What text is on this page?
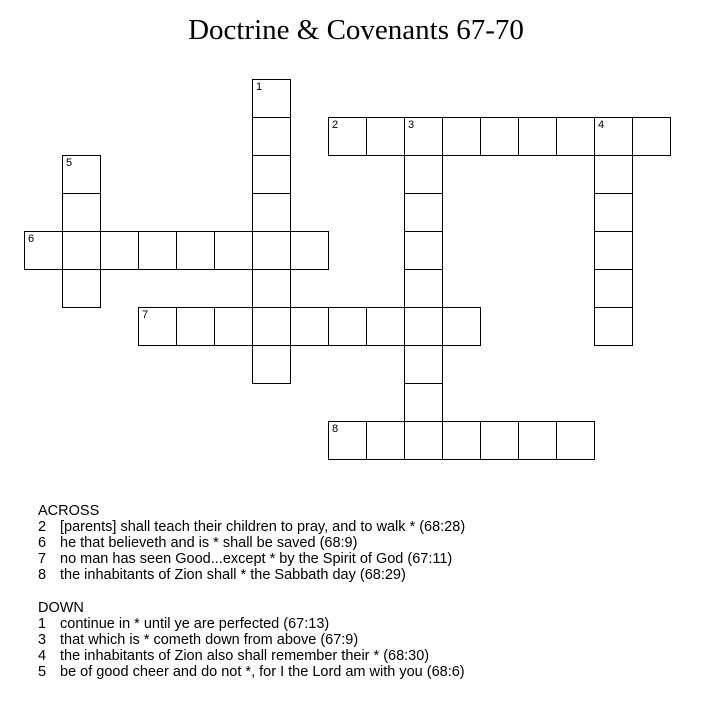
Doctrine & Covenants 67-70
1
2	3	4
5
6
7
8
ACROSS
2 [parents] shall teach their children to pray, and to walk * (68:28)
6 he that believeth and is * shall be saved (68:9)
7 no man has seen Good...except * by the Spirit of God (67:11)
8 the inhabitants of Zion shall * the Sabbath day (68:29)
DOWN
1 continue in * until ye are perfected (67:13)
3 that which is * cometh down from above (67:9)
4 the inhabitants of Zion also shall remember their * (68:30)
5 be of good cheer and do not *, for I the Lord am with you (68:6)
